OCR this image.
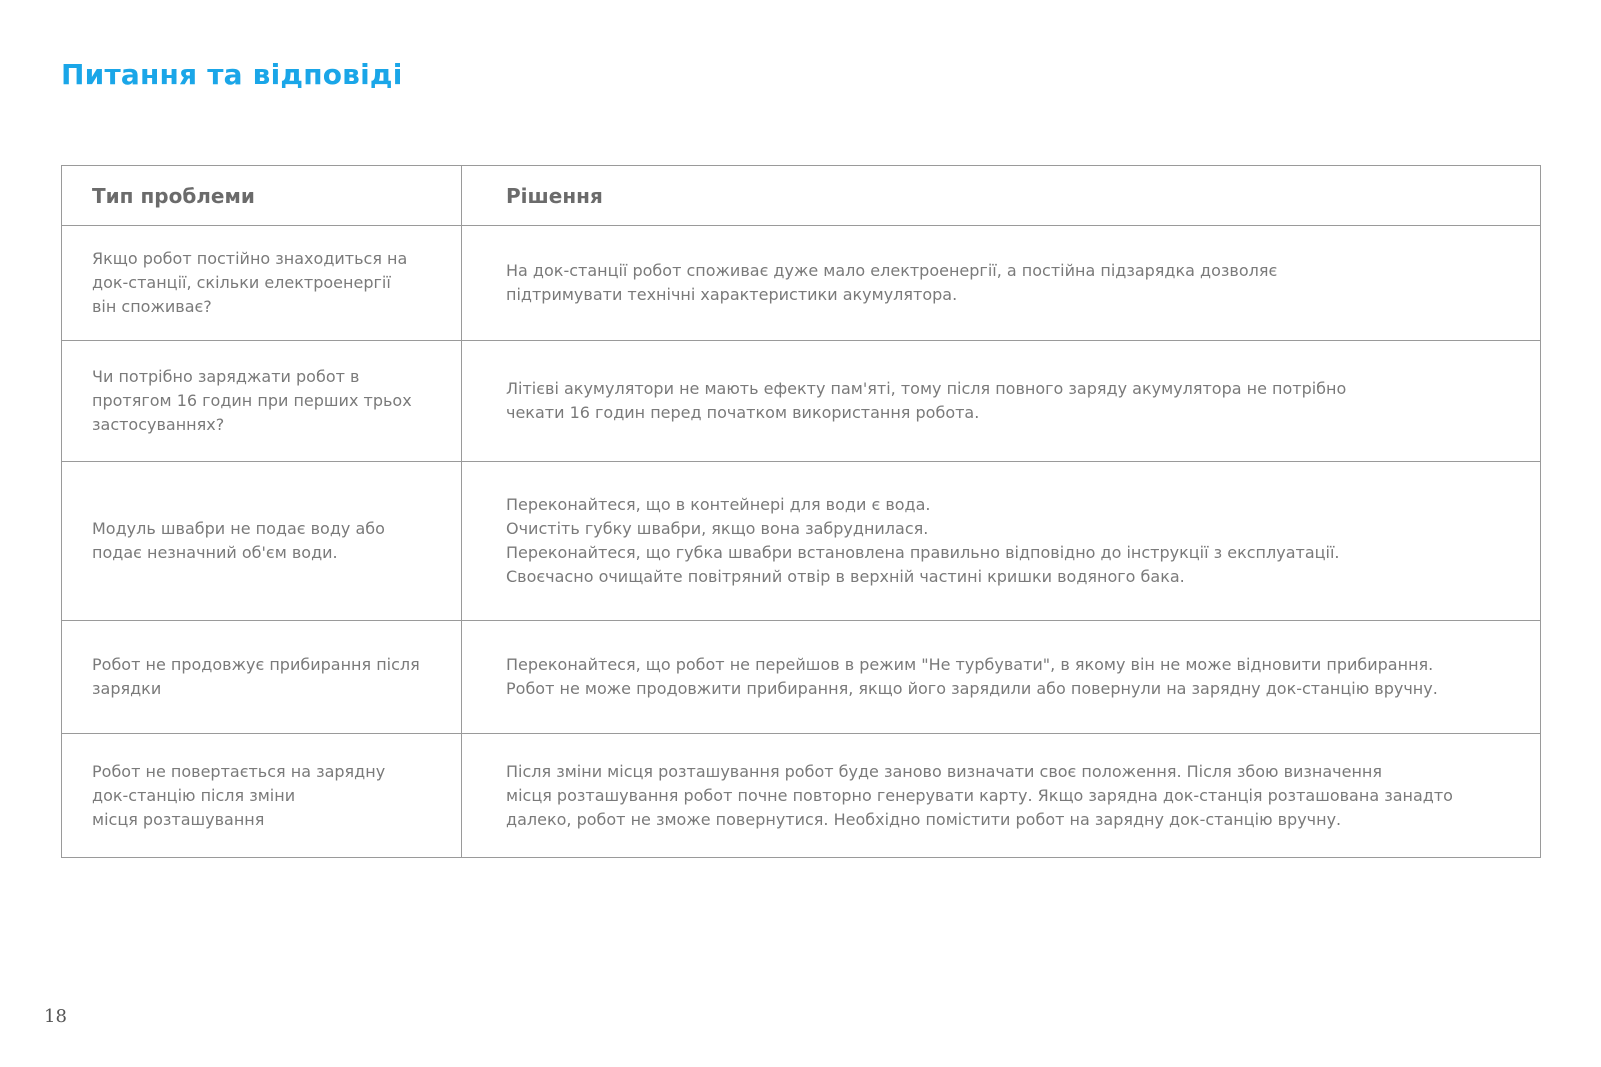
Питання та відповіді
Тип проблеми	Рішення
Якщо робот постійно знаходиться на
док-станції, скільки електроенергії
він споживає?
На док-станції робот споживає дуже мало електроенергії, а постійна підзарядка дозволяє
підтримувати технічні характеристики акумулятора.
Чи потрібно заряджати робот в
протягом 16 годин при перших трьох
застосуваннях?
Літієві акумулятори не мають ефекту пам'яті, тому після повного заряду акумулятора не потрібно
чекати 16 годин перед початком використання робота.
Модуль швабри не подає воду або
подає незначний об'єм води.
Переконайтеся, що в контейнері для води є вода.
Очистіть губку швабри, якщо вона забруднилася.
Переконайтеся, що губка швабри встановлена правильно відповідно до інструкції з експлуатації.
Своєчасно очищайте повітряний отвір в верхній частині кришки водяного бака.
Робот не продовжує прибирання після
зарядки
Переконайтеся, що робот не перейшов в режим "Не турбувати", в якому він не може відновити прибирання.
Робот не може продовжити прибирання, якщо його зарядили або повернули на зарядну док-станцію вручну.
Робот не повертається на зарядну
док-станцію після зміни
місця розташування
Після зміни місця розташування робот буде заново визначати своє положення. Після збою визначення
місця розташування робот почне повторно генерувати карту. Якщо зарядна док-станція розташована занадто
далеко, робот не зможе повернутися. Необхідно помістити робот на зарядну док-станцію вручну.
18
